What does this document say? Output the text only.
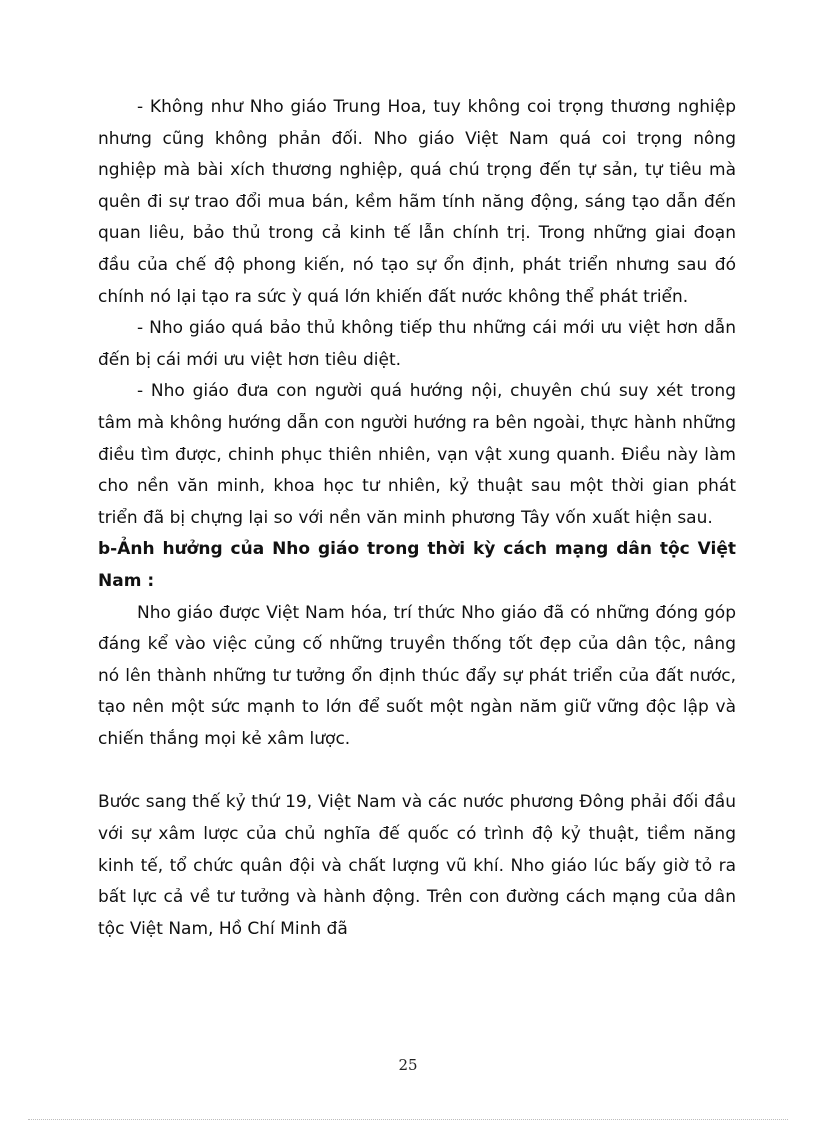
- Không như Nho giáo Trung Hoa, tuy không coi trọng thương nghiệp nhưng cũng không phản đối. Nho giáo Việt Nam quá coi trọng nông nghiệp mà bài xích thương nghiệp, quá chú trọng đến tự sản, tự tiêu mà quên đi sự trao đổi mua bán, kềm hãm tính năng động, sáng tạo dẫn đến quan liêu, bảo thủ trong cả kinh tế lẫn chính trị. Trong những giai đoạn đầu của chế độ phong kiến, nó tạo sự ổn định, phát triển nhưng sau đó chính nó lại tạo ra sức ỳ quá lớn khiến đất nước không thể phát triển.

- Nho giáo quá bảo thủ không tiếp thu những cái mới ưu việt hơn dẫn đến bị cái mới ưu việt hơn tiêu diệt.

- Nho giáo đưa con người quá hướng nội, chuyên chú suy xét trong tâm mà không hướng dẫn con người hướng ra bên ngoài, thực hành những điều tìm được, chinh phục thiên nhiên, vạn vật xung quanh. Điều này làm cho nền văn minh, khoa học tư nhiên, kỷ thuật sau một thời gian phát triển đã bị chựng lại so với nền văn minh phương Tây vốn xuất hiện sau.

b-Ảnh hưởng của Nho giáo trong thời kỳ cách mạng dân tộc Việt Nam :

Nho giáo được Việt Nam hóa, trí thức Nho giáo đã có những đóng góp đáng kể vào việc củng cố những truyền thống tốt đẹp của dân tộc, nâng nó lên thành những tư tưởng ổn định thúc đẩy sự phát triển của đất nước, tạo nên một sức mạnh to lớn để suốt một ngàn năm giữ vững độc lập và chiến thắng mọi kẻ xâm lược.

Bước sang thế kỷ thứ 19, Việt Nam và các nước phương Đông phải đối đầu với sự xâm lược của chủ nghĩa đế quốc có trình độ kỷ thuật, tiềm năng kinh tế, tổ chức quân đội và chất lượng vũ khí. Nho giáo lúc bấy giờ tỏ ra bất lực cả về tư tưởng và hành động. Trên con đường cách mạng của dân tộc Việt Nam, Hồ Chí Minh đã

25
